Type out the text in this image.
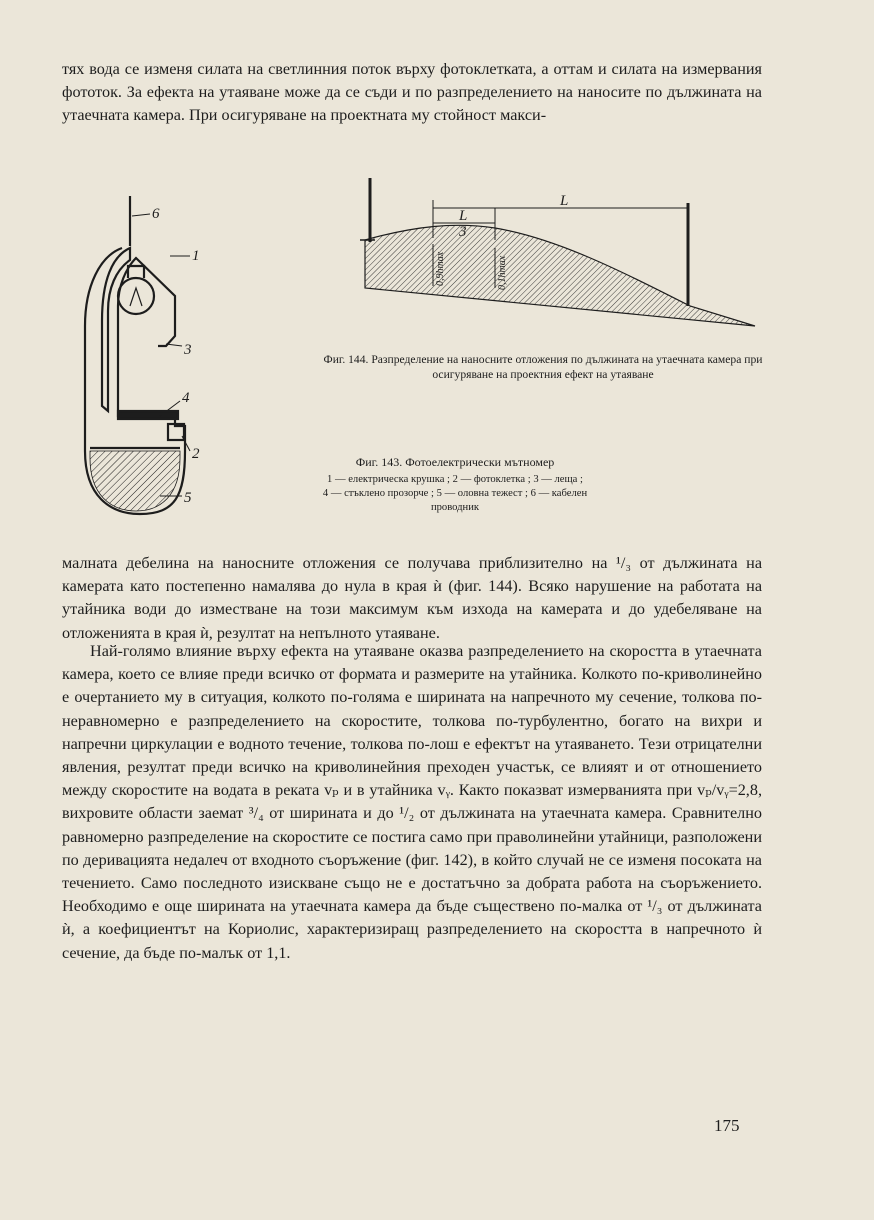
тях вода се изменя силата на светлинния поток върху фотоклетката, а оттам и силата на измервания фототок. За ефекта на утаяване може да се съди и по разпределението на наносите по дължината на утаечната камера. При осигуряване на проектната му стойност макси-

6
1
3
4
2
5
L
L
3
0,9hmax	0,1hmax

Фиг. 144. Разпределение на наносните отложения по дължината на утаечната камера при осигуряване на проектния ефект на утаяване

Фиг. 143. Фотоелектрически мътномер
1 — електрическа крушка ; 2 — фотоклетка ; 3 — леща ;
4 — стъклено прозорче ; 5 — оловна тежест ; 6 — кабелен
проводник

малната дебелина на наносните отложения се получава приблизително на ¹/₃ от дължината на камерата като постепенно намалява до нула в края ѝ (фиг. 144). Всяко нарушение на работата на утайника води до изместване на този максимум към изхода на камерата и до удебеляване на отложенията в края ѝ, резултат на непълното утаяване.

Най-голямо влияние върху ефекта на утаяване оказва разпределението на скоростта в утаечната камера, което се влияе преди всичко от формата и размерите на утайника. Колкото по-криволинейно е очертанието му в ситуация, колкото по-голяма е ширината на напречното му сечение, толкова по-неравномерно е разпределението на скоростите, толкова по-турбулентно, богато на вихри и напречни циркулации е водното течение, толкова по-лош е ефектът на утаяването. Тези отрицателни явления, резултат преди всичко на криволинейния преходен участък, се влияят и от отношението между скоростите на водата в реката vₚ и в утайника vᵧ. Както показват измерванията при vₚ/vᵧ=2,8, вихровите области заемат ³/₄ от ширината и до ¹/₂ от дължината на утаечната камера. Сравнително равномерно разпределение на скоростите се постига само при праволинейни утайници, разположени по деривацията недалеч от входното съоръжение (фиг. 142), в който случай не се изменя посоката на течението. Само последното изискване също не е достатъчно за добрата работа на съоръжението. Необходимо е още ширината на утаечната камера да бъде съществено по-малка от ¹/₃ от дължината ѝ, а коефициентът на Кориолис, характеризиращ разпределението на скоростта в напречното ѝ сечение, да бъде по-малък от 1,1.

175
